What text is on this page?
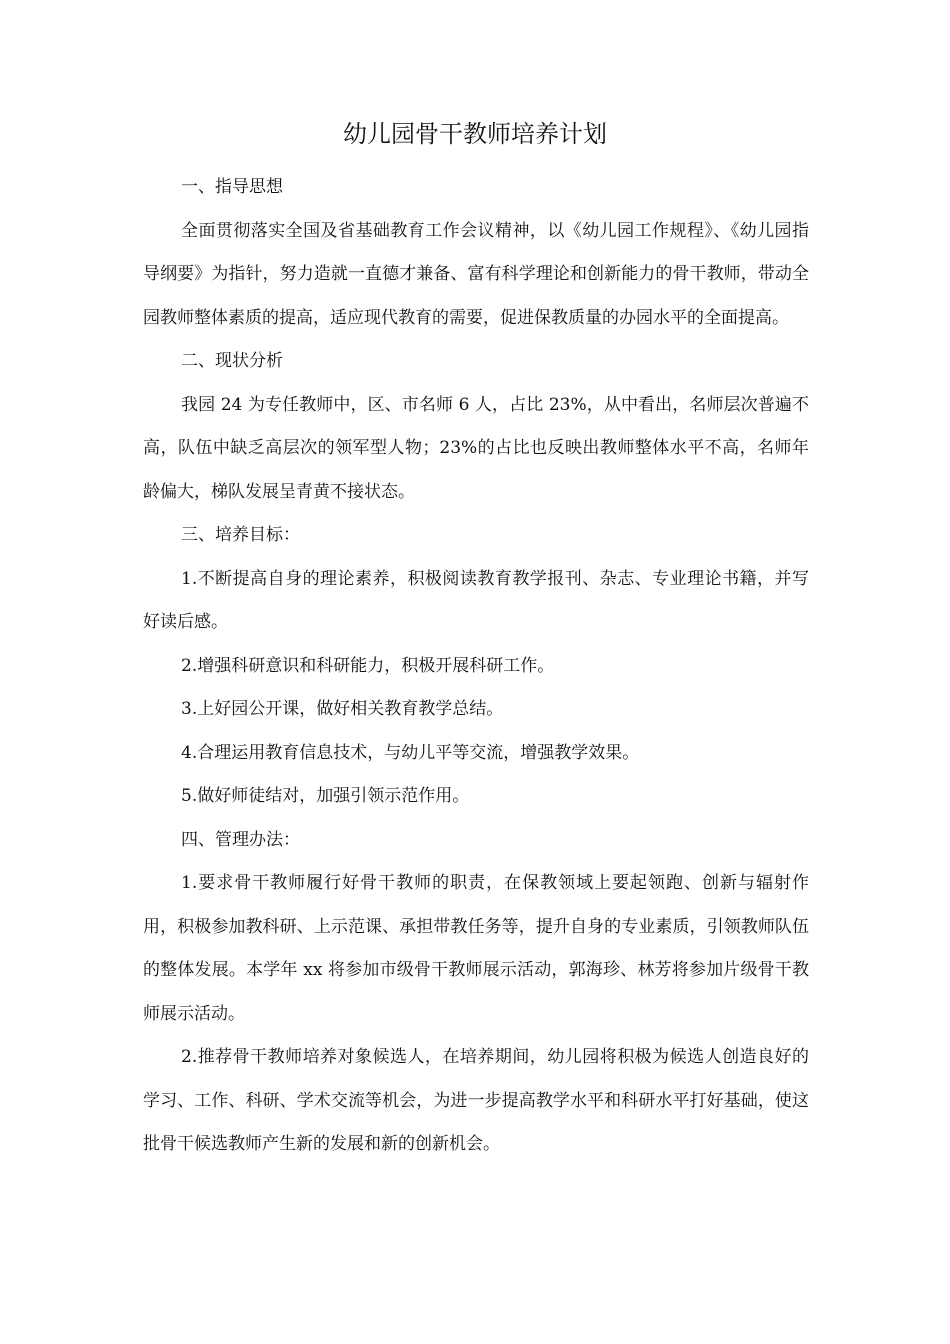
幼儿园骨干教师培养计划

一、指导思想

全面贯彻落实全国及省基础教育工作会议精神，以《幼儿园工作规程》、《幼儿园指导纲要》为指针，努力造就一直德才兼备、富有科学理论和创新能力的骨干教师，带动全园教师整体素质的提高，适应现代教育的需要，促进保教质量的办园水平的全面提高。

二、现状分析

我园 24 为专任教师中，区、市名师 6 人，占比 23%，从中看出，名师层次普遍不高，队伍中缺乏高层次的领军型人物；23%的占比也反映出教师整体水平不高，名师年龄偏大，梯队发展呈青黄不接状态。

三、培养目标：

1.不断提高自身的理论素养，积极阅读教育教学报刊、杂志、专业理论书籍，并写好读后感。

2.增强科研意识和科研能力，积极开展科研工作。

3.上好园公开课，做好相关教育教学总结。

4.合理运用教育信息技术，与幼儿平等交流，增强教学效果。

5.做好师徒结对，加强引领示范作用。

四、管理办法：

1.要求骨干教师履行好骨干教师的职责，在保教领域上要起领跑、创新与辐射作用，积极参加教科研、上示范课、承担带教任务等，提升自身的专业素质，引领教师队伍的整体发展。本学年 xx 将参加市级骨干教师展示活动，郭海珍、林芳将参加片级骨干教师展示活动。

2.推荐骨干教师培养对象候选人，在培养期间，幼儿园将积极为候选人创造良好的学习、工作、科研、学术交流等机会，为进一步提高教学水平和科研水平打好基础，使这批骨干候选教师产生新的发展和新的创新机会。
